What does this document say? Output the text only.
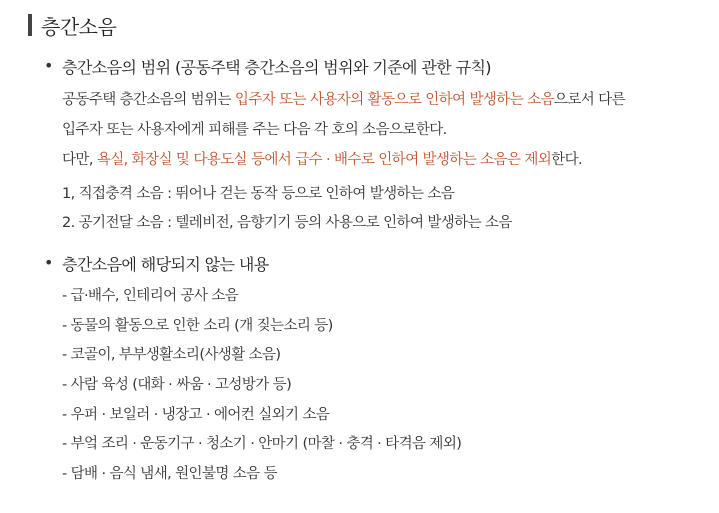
층간소음
• 층간소음의 범위 (공동주택 층간소음의 범위와 기준에 관한 규칙)
공동주택 층간소음의 범위는 입주자 또는 사용자의 활동으로 인하여 발생하는 소음으로서 다른
입주자 또는 사용자에게 피해를 주는 다음 각 호의 소음으로한다.
다만, 욕실, 화장실 및 다용도실 등에서 급수 · 배수로 인하여 발생하는 소음은 제외한다.
1, 직접충격 소음 : 뛰어나 걷는 동작 등으로 인하여 발생하는 소음
2. 공기전달 소음 : 텔레비전, 음향기기 등의 사용으로 인하여 발생하는 소음
• 층간소음에 해당되지 않는 내용
- 급·배수, 인테리어 공사 소음
- 동물의 활동으로 인한 소리 (개 짖는소리 등)
- 코골이, 부부생활소리(사생활 소음)
- 사람 육성 (대화 · 싸움 · 고성방가 등)
- 우퍼 · 보일러 · 냉장고 · 에어컨 실외기 소음
- 부엌 조리 · 운동기구 · 청소기 · 안마기 (마찰 · 충격 · 타격음 제외)
- 담배 · 음식 냄새, 원인불명 소음 등
